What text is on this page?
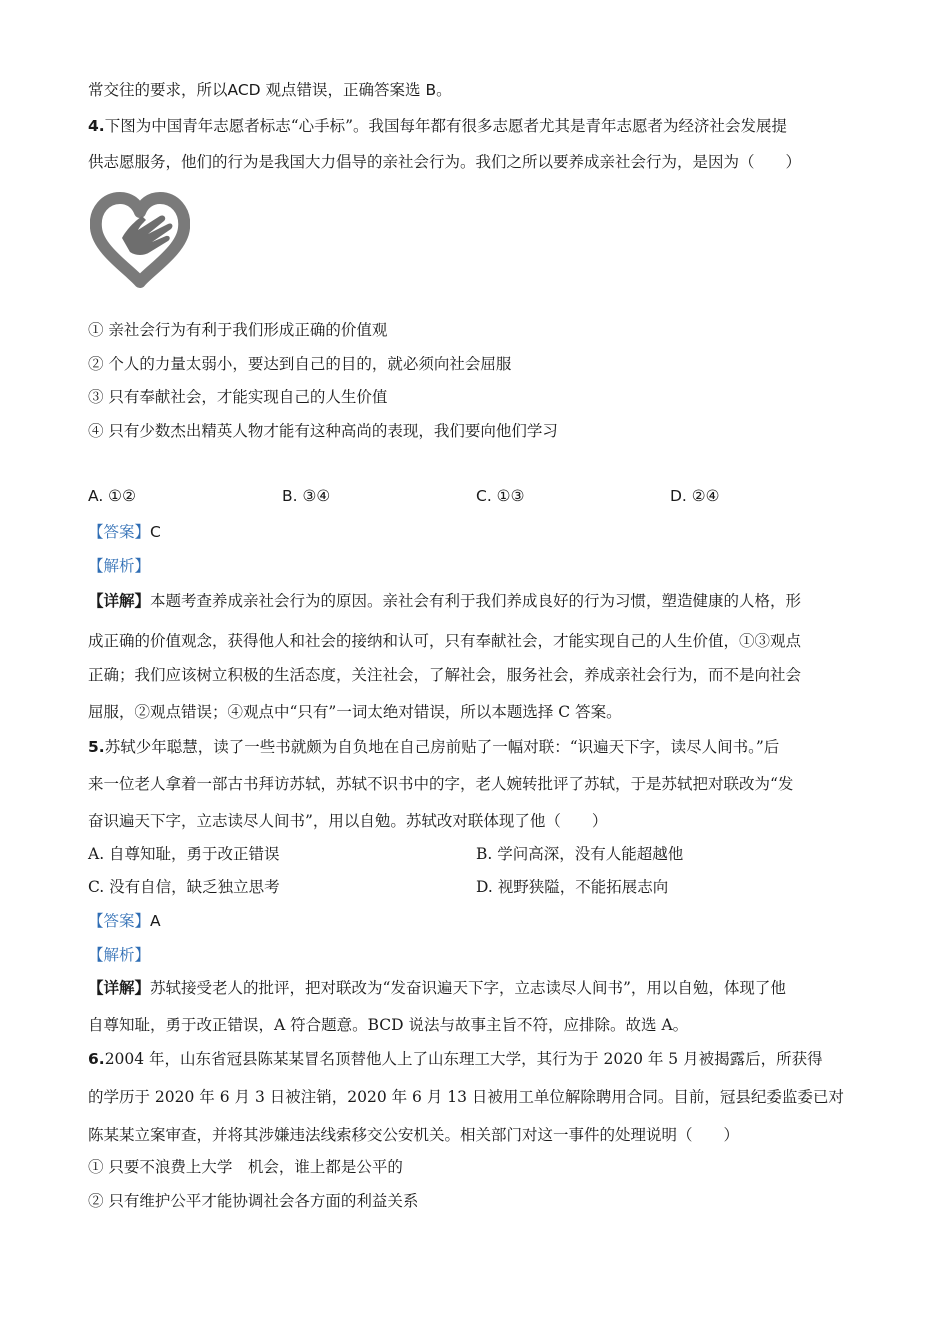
常交往的要求，所以ACD 观点错误，正确答案选 B。
4.下图为中国青年志愿者标志“心手标”。我国每年都有很多志愿者尤其是青年志愿者为经济社会发展提
供志愿服务，他们的行为是我国大力倡导的亲社会行为。我们之所以要养成亲社会行为，是因为（　　）
① 亲社会行为有利于我们形成正确的价值观
② 个人的力量太弱小，要达到自己的目的，就必须向社会屈服
③ 只有奉献社会，才能实现自己的人生价值
④ 只有少数杰出精英人物才能有这种高尚的表现，我们要向他们学习
A. ①②	B. ③④	C. ①③	D. ②④
【答案】C
【解析】
【详解】本题考查养成亲社会行为的原因。亲社会有利于我们养成良好的行为习惯，塑造健康的人格，形
成正确的价值观念，获得他人和社会的接纳和认可，只有奉献社会，才能实现自己的人生价值，①③观点
正确；我们应该树立积极的生活态度，关注社会，了解社会，服务社会，养成亲社会行为，而不是向社会
屈服，②观点错误；④观点中“只有”一词太绝对错误，所以本题选择 C 答案。
5.苏轼少年聪慧，读了一些书就颇为自负地在自己房前贴了一幅对联：“识遍天下字，读尽人间书。”后
来一位老人拿着一部古书拜访苏轼，苏轼不识书中的字，老人婉转批评了苏轼，于是苏轼把对联改为“发
奋识遍天下字，立志读尽人间书”，用以自勉。苏轼改对联体现了他（　　）
A. 自尊知耻，勇于改正错误	B. 学问高深，没有人能超越他
C. 没有自信，缺乏独立思考	D. 视野狭隘，不能拓展志向
【答案】A
【解析】
【详解】苏轼接受老人的批评，把对联改为“发奋识遍天下字，立志读尽人间书”，用以自勉，体现了他
自尊知耻，勇于改正错误，A 符合题意。BCD 说法与故事主旨不符，应排除。故选 A。
6.2004 年，山东省冠县陈某某冒名顶替他人上了山东理工大学，其行为于 2020 年 5 月被揭露后，所获得
的学历于 2020 年 6 月 3 日被注销，2020 年 6 月 13 日被用工单位解除聘用合同。目前，冠县纪委监委已对
陈某某立案审查，并将其涉嫌违法线索移交公安机关。相关部门对这一事件的处理说明（　　）
① 只要不浪费上大学　机会，谁上都是公平的
② 只有维护公平才能协调社会各方面的利益关系
